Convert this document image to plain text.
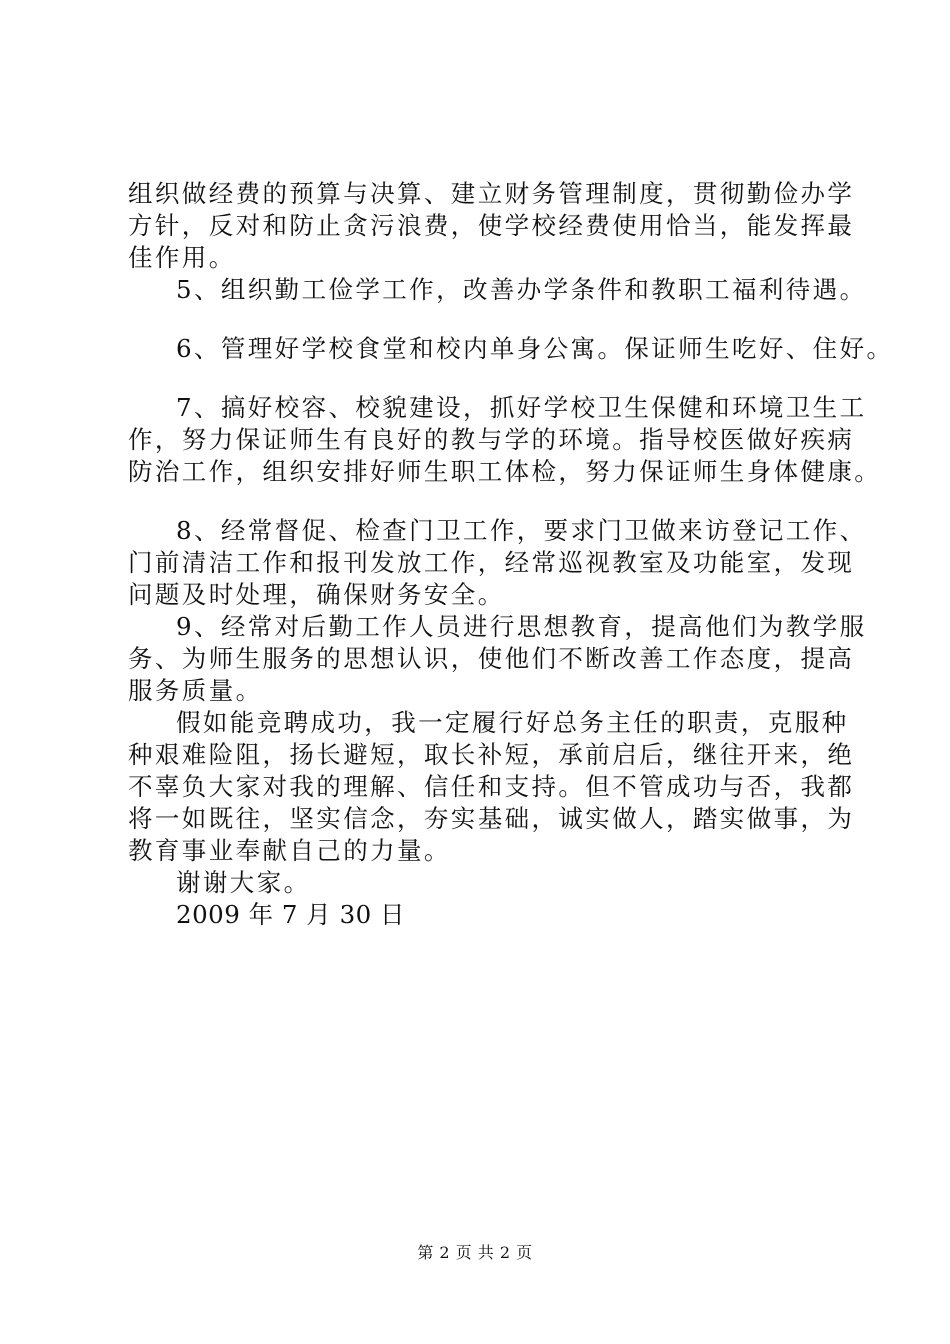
组织做经费的预算与决算、建立财务管理制度，贯彻勤俭办学
方针，反对和防止贪污浪费，使学校经费使用恰当，能发挥最
佳作用。
5、组织勤工俭学工作，改善办学条件和教职工福利待遇。
6、管理好学校食堂和校内单身公寓。保证师生吃好、住好。
7、搞好校容、校貌建设，抓好学校卫生保健和环境卫生工
作，努力保证师生有良好的教与学的环境。指导校医做好疾病
防治工作，组织安排好师生职工体检，努力保证师生身体健康。
8、经常督促、检查门卫工作，要求门卫做来访登记工作、
门前清洁工作和报刊发放工作，经常巡视教室及功能室，发现
问题及时处理，确保财务安全。
9、经常对后勤工作人员进行思想教育，提高他们为教学服
务、为师生服务的思想认识，使他们不断改善工作态度，提高
服务质量。
假如能竞聘成功，我一定履行好总务主任的职责，克服种
种艰难险阻，扬长避短，取长补短，承前启后，继往开来，绝
不辜负大家对我的理解、信任和支持。但不管成功与否，我都
将一如既往，坚实信念，夯实基础，诚实做人，踏实做事，为
教育事业奉献自己的力量。
谢谢大家。
2009 年 7 月 30 日
第 2 页 共 2 页
